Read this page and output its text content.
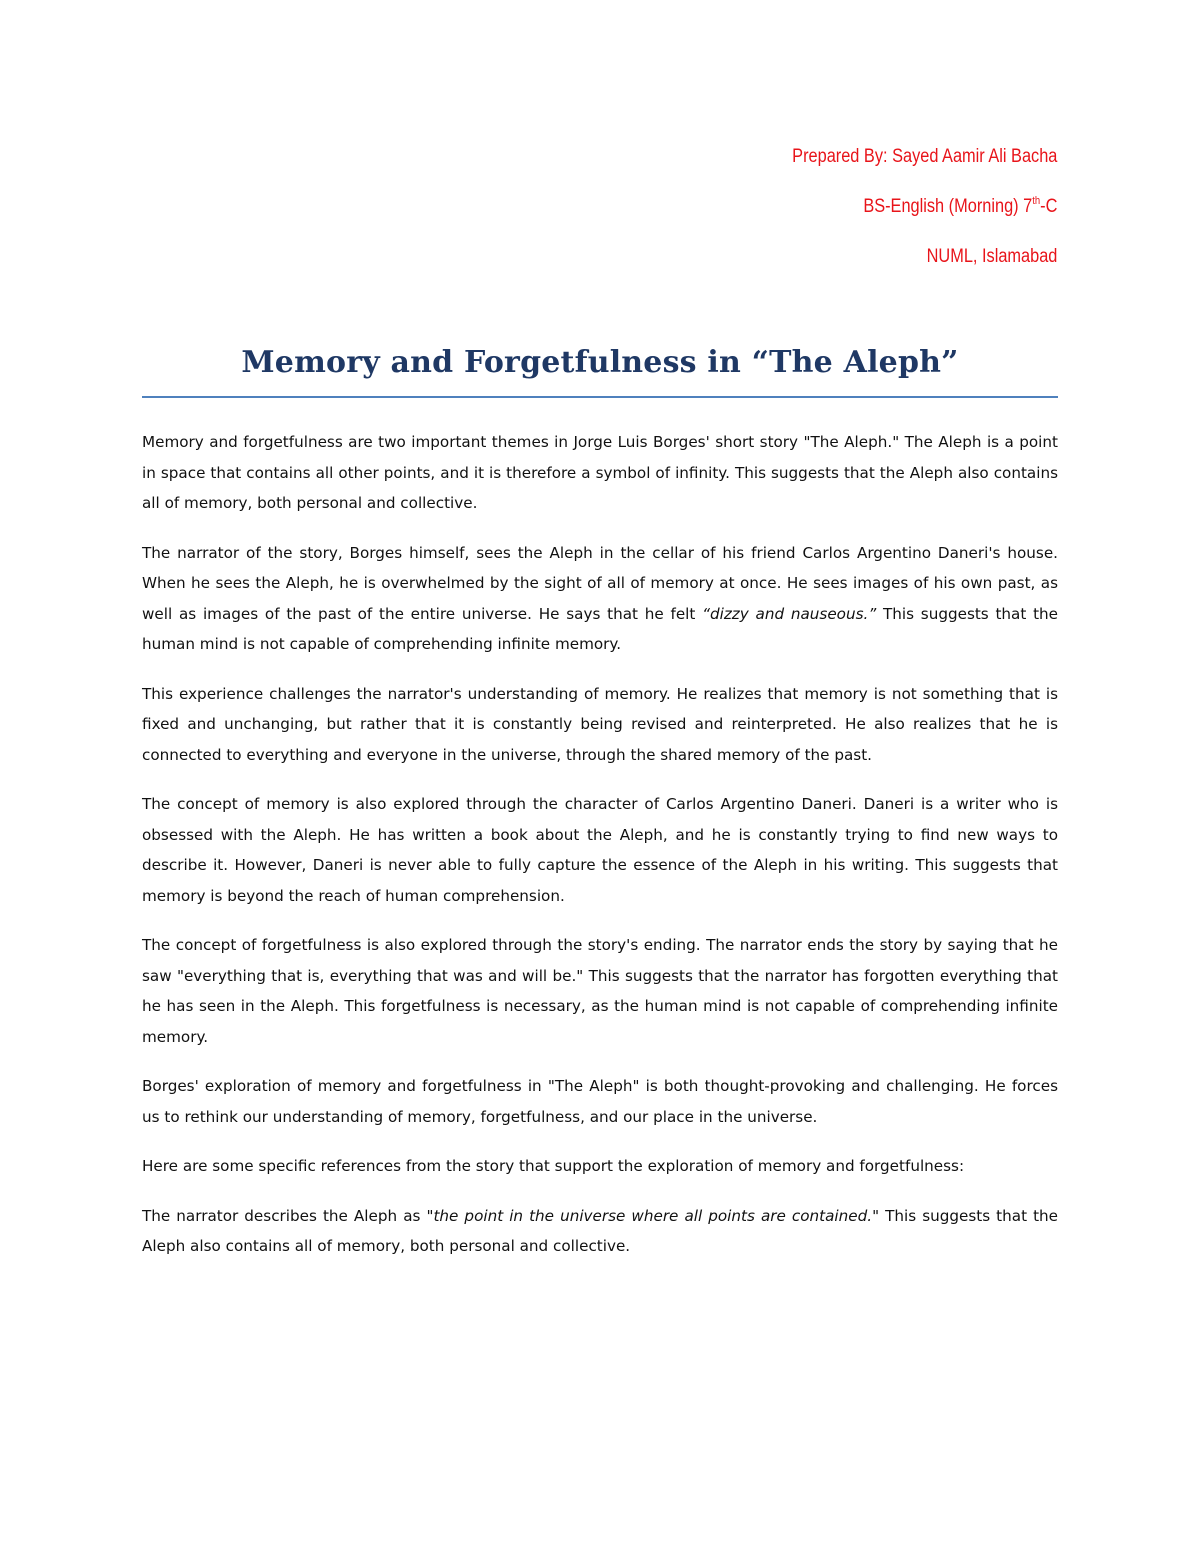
Prepared By: Sayed Aamir Ali Bacha
BS-English (Morning) 7th-C
NUML, Islamabad
Memory and Forgetfulness in “The Aleph”

Memory and forgetfulness are two important themes in Jorge Luis Borges' short story "The Aleph." The Aleph is a point in space that contains all other points, and it is therefore a symbol of infinity. This suggests that the Aleph also contains all of memory, both personal and collective.

The narrator of the story, Borges himself, sees the Aleph in the cellar of his friend Carlos Argentino Daneri's house. When he sees the Aleph, he is overwhelmed by the sight of all of memory at once. He sees images of his own past, as well as images of the past of the entire universe. He says that he felt “dizzy and nauseous.” This suggests that the human mind is not capable of comprehending infinite memory.

This experience challenges the narrator's understanding of memory. He realizes that memory is not something that is fixed and unchanging, but rather that it is constantly being revised and reinterpreted. He also realizes that he is connected to everything and everyone in the universe, through the shared memory of the past.

The concept of memory is also explored through the character of Carlos Argentino Daneri. Daneri is a writer who is obsessed with the Aleph. He has written a book about the Aleph, and he is constantly trying to find new ways to describe it. However, Daneri is never able to fully capture the essence of the Aleph in his writing. This suggests that memory is beyond the reach of human comprehension.

The concept of forgetfulness is also explored through the story's ending. The narrator ends the story by saying that he saw "everything that is, everything that was and will be." This suggests that the narrator has forgotten everything that he has seen in the Aleph. This forgetfulness is necessary, as the human mind is not capable of comprehending infinite memory.

Borges' exploration of memory and forgetfulness in "The Aleph" is both thought-provoking and challenging. He forces us to rethink our understanding of memory, forgetfulness, and our place in the universe.

Here are some specific references from the story that support the exploration of memory and forgetfulness:

The narrator describes the Aleph as "the point in the universe where all points are contained." This suggests that the Aleph also contains all of memory, both personal and collective.
